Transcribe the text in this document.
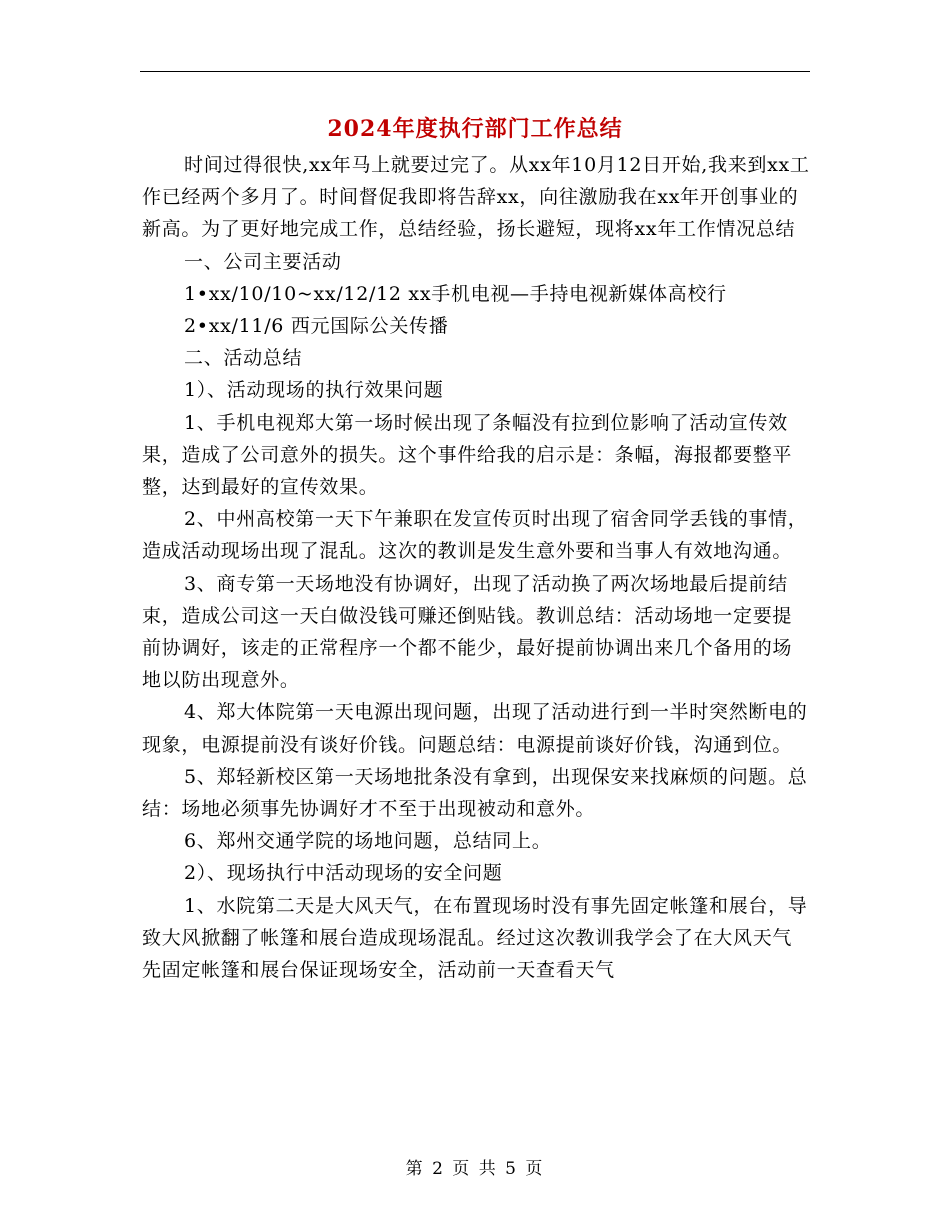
2024年度执行部门工作总结

时间过得很快,xx年马上就要过完了。从xx年10月12日开始,我来到xx工作已经两个多月了。时间督促我即将告辞xx，向往激励我在xx年开创事业的新高。为了更好地完成工作，总结经验，扬长避短，现将xx年工作情况总结

一、公司主要活动

1•xx/10/10~xx/12/12 xx手机电视—手持电视新媒体高校行

2•xx/11/6 西元国际公关传播

二、活动总结

1）、活动现场的执行效果问题

1、手机电视郑大第一场时候出现了条幅没有拉到位影响了活动宣传效果，造成了公司意外的损失。这个事件给我的启示是：条幅，海报都要整平整，达到最好的宣传效果。

2、中州高校第一天下午兼职在发宣传页时出现了宿舍同学丢钱的事情，造成活动现场出现了混乱。这次的教训是发生意外要和当事人有效地沟通。

3、商专第一天场地没有协调好，出现了活动换了两次场地最后提前结束，造成公司这一天白做没钱可赚还倒贴钱。教训总结：活动场地一定要提前协调好，该走的正常程序一个都不能少，最好提前协调出来几个备用的场地以防出现意外。

4、郑大体院第一天电源出现问题，出现了活动进行到一半时突然断电的现象，电源提前没有谈好价钱。问题总结：电源提前谈好价钱，沟通到位。

5、郑轻新校区第一天场地批条没有拿到，出现保安来找麻烦的问题。总结：场地必须事先协调好才不至于出现被动和意外。

6、郑州交通学院的场地问题，总结同上。

2）、现场执行中活动现场的安全问题

1、水院第二天是大风天气，在布置现场时没有事先固定帐篷和展台，导致大风掀翻了帐篷和展台造成现场混乱。经过这次教训我学会了在大风天气先固定帐篷和展台保证现场安全，活动前一天查看天气

第 2 页 共 5 页
